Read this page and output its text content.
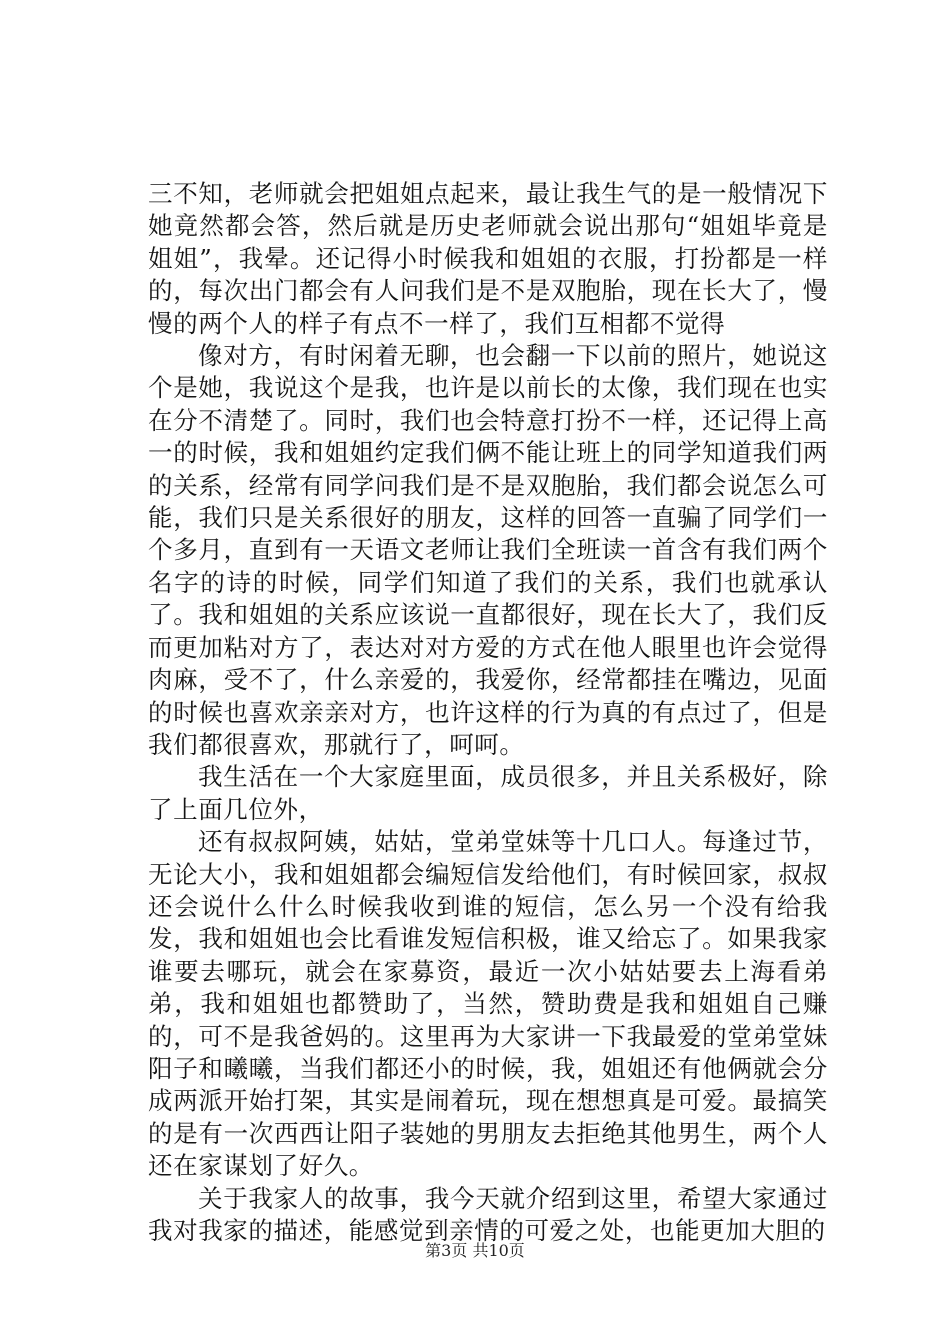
三不知，老师就会把姐姐点起来，最让我生气的是一般情况下她竟然都会答，然后就是历史老师就会说出那句“姐姐毕竟是姐姐”，我晕。还记得小时候我和姐姐的衣服，打扮都是一样的，每次出门都会有人问我们是不是双胞胎，现在长大了，慢慢的两个人的样子有点不一样了，我们互相都不觉得

像对方，有时闲着无聊，也会翻一下以前的照片，她说这个是她，我说这个是我，也许是以前长的太像，我们现在也实在分不清楚了。同时，我们也会特意打扮不一样，还记得上高一的时候，我和姐姐约定我们俩不能让班上的同学知道我们两的关系，经常有同学问我们是不是双胞胎，我们都会说怎么可能，我们只是关系很好的朋友，这样的回答一直骗了同学们一个多月，直到有一天语文老师让我们全班读一首含有我们两个名字的诗的时候，同学们知道了我们的关系，我们也就承认了。我和姐姐的关系应该说一直都很好，现在长大了，我们反而更加粘对方了，表达对对方爱的方式在他人眼里也许会觉得肉麻，受不了，什么亲爱的，我爱你，经常都挂在嘴边，见面的时候也喜欢亲亲对方，也许这样的行为真的有点过了，但是我们都很喜欢，那就行了，呵呵。

我生活在一个大家庭里面，成员很多，并且关系极好，除了上面几位外，

还有叔叔阿姨，姑姑，堂弟堂妹等十几口人。每逢过节，无论大小，我和姐姐都会编短信发给他们，有时候回家，叔叔还会说什么什么时候我收到谁的短信，怎么另一个没有给我发，我和姐姐也会比看谁发短信积极，谁又给忘了。如果我家谁要去哪玩，就会在家募资，最近一次小姑姑要去上海看弟弟，我和姐姐也都赞助了，当然，赞助费是我和姐姐自己赚的，可不是我爸妈的。这里再为大家讲一下我最爱的堂弟堂妹阳子和曦曦，当我们都还小的时候，我，姐姐还有他俩就会分成两派开始打架，其实是闹着玩，现在想想真是可爱。最搞笑的是有一次西西让阳子装她的男朋友去拒绝其他男生，两个人还在家谋划了好久。

关于我家人的故事，我今天就介绍到这里，希望大家通过我对我家的描述，能感觉到亲情的可爱之处，也能更加大胆的

第3页 共10页
